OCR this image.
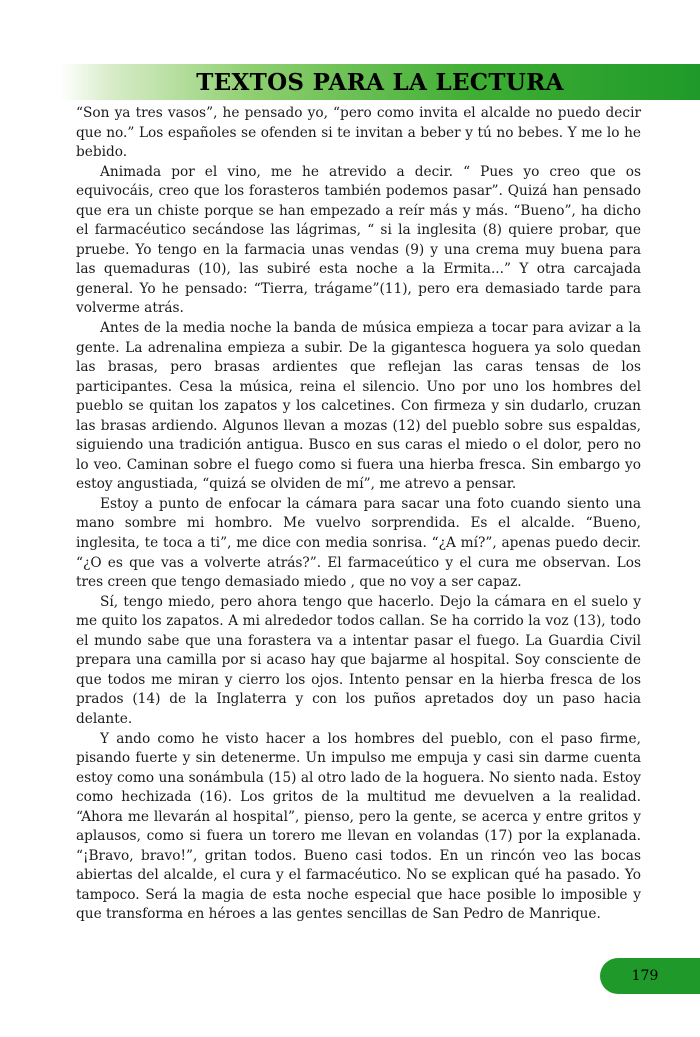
TEXTOS PARA LA LECTURA

“Son ya tres vasos”, he pensado yo, “pero como invita el alcalde no puedo decir que no.” Los españoles se ofenden si te invitan a beber y tú no bebes. Y me lo he bebido.

Animada por el vino, me he atrevido a decir. “ Pues yo creo que os equivocáis, creo que los forasteros también podemos pasar”. Quizá han pensado que era un chiste porque se han empezado a reír más y más. “Bueno”, ha dicho el farmacéutico secándose las lágrimas, “ si la inglesita (8) quiere probar, que pruebe. Yo tengo en la farmacia unas vendas (9) y una crema muy buena para las quemaduras (10), las subiré esta noche a la Ermita...” Y otra carcajada general. Yo he pensado: “Tierra, trágame”(11), pero era demasiado tarde para volverme atrás.

Antes de la media noche la banda de música empieza a tocar para avizar a la gente. La adrenalina empieza a subir. De la gigantesca hoguera ya solo quedan las brasas, pero brasas ardientes que reflejan las caras tensas de los participantes. Cesa la música, reina el silencio. Uno por uno los hombres del pueblo se quitan los zapatos y los calcetines. Con firmeza y sin dudarlo, cruzan las brasas ardiendo. Algunos llevan a mozas (12) del pueblo sobre sus espaldas, siguiendo una tradición antigua. Busco en sus caras el miedo o el dolor, pero no lo veo. Caminan sobre el fuego como si fuera una hierba fresca. Sin embargo yo estoy angustiada, “quizá se olviden de mí”, me atrevo a pensar.

Estoy a punto de enfocar la cámara para sacar una foto cuando siento una mano sombre mi hombro. Me vuelvo sorprendida. Es el alcalde. “Bueno, inglesita, te toca a ti”, me dice con media sonrisa. “¿A mí?”, apenas puedo decir. “¿O es que vas a volverte atrás?”. El farmaceútico y el cura me observan. Los tres creen que tengo demasiado miedo , que no voy a ser capaz.

Sí, tengo miedo, pero ahora tengo que hacerlo. Dejo la cámara en el suelo y me quito los zapatos. A mi alrededor todos callan. Se ha corrido la voz (13), todo el mundo sabe que una forastera va a intentar pasar el fuego. La Guardia Civil prepara una camilla por si acaso hay que bajarme al hospital. Soy consciente de que todos me miran y cierro los ojos. Intento pensar en la hierba fresca de los prados (14) de la Inglaterra y con los puños apretados doy un paso hacia delante.

Y ando como he visto hacer a los hombres del pueblo, con el paso firme, pisando fuerte y sin detenerme. Un impulso me empuja y casi sin darme cuenta estoy como una sonámbula (15) al otro lado de la hoguera. No siento nada. Estoy como hechizada (16). Los gritos de la multitud me devuelven a la realidad. “Ahora me llevarán al hospital”, pienso, pero la gente, se acerca y entre gritos y aplausos, como si fuera un torero me llevan en volandas (17) por la explanada. “¡Bravo, bravo!”, gritan todos. Bueno casi todos. En un rincón veo las bocas abiertas del alcalde, el cura y el farmacéutico. No se explican qué ha pasado. Yo tampoco. Será la magia de esta noche especial que hace posible lo imposible y que transforma en héroes a las gentes sencillas de San Pedro de Manrique.

179
